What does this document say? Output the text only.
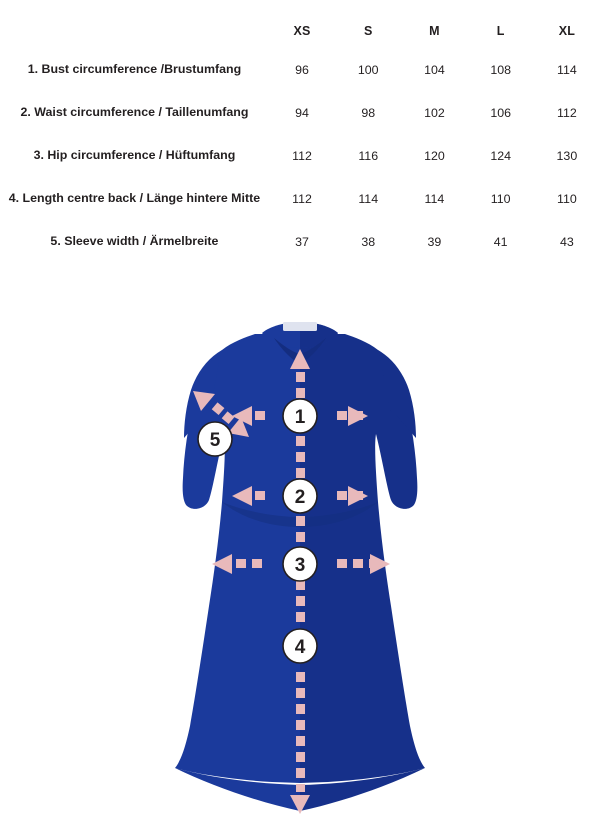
	XS	S	M	L	XL
1. Bust circumference /Brustumfang	96	100	104	108	114
2. Waist circumference / Taillenumfang	94	98	102	106	112
3. Hip circumference / Hüftumfang	112	116	120	124	130
4. Length centre back / Länge hintere Mitte	112	114	114	110	110
5. Sleeve width / Ärmelbreite	37	38	39	41	43
1
2
3
4
5
